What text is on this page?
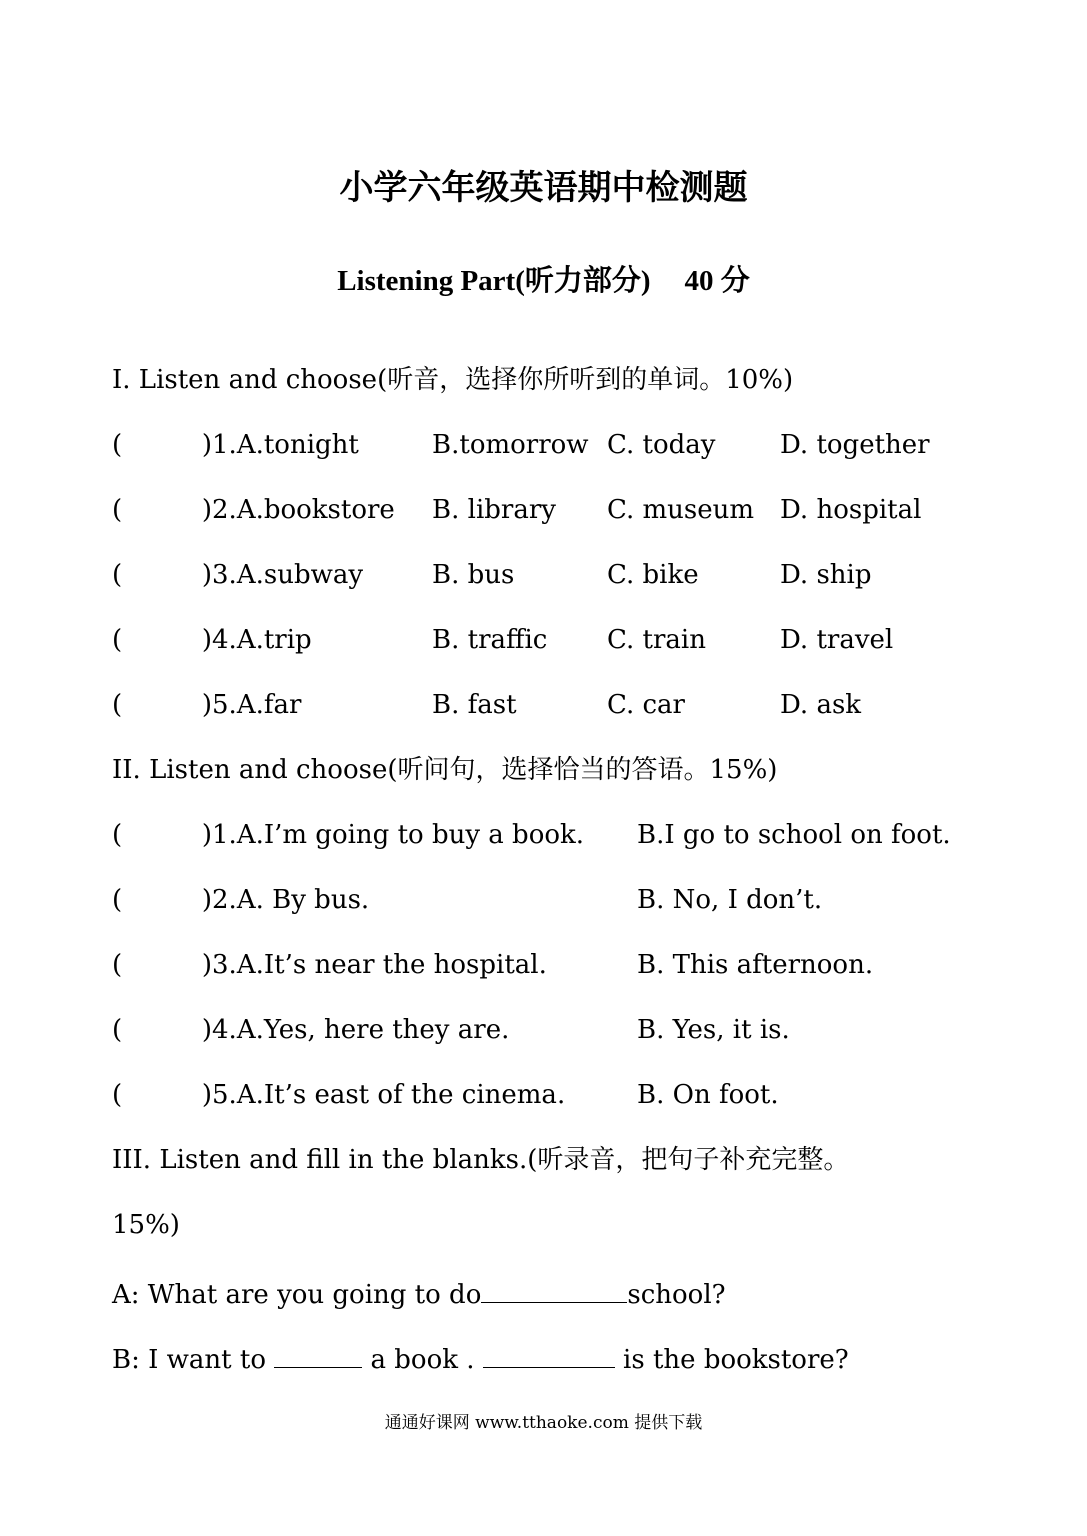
小学六年级英语期中检测题
Listening Part(听力部分) 40 分
I. Listen and choose(听音，选择你所听到的单词。10%)
(	) 1.A.tonight	B.tomorrow C. today D. together
(	) 2.A.bookstore B. library C. museum D. hospital
(	) 3.A.subway	B. bus	C. bike	D. ship
(	) 4.A.trip	B. traffic C. train	D. travel
(	) 5.A.far	B. fast	C. car	D. ask
II. Listen and choose(听问句，选择恰当的答语。15%)
(	) 1.A.I’m going to buy a book. B.I go to school on foot.
(	) 2.A. By bus.	B. No, I don’t.
(	) 3.A.It’s near the hospital.	B. This afternoon.
(	) 4.A.Yes, here they are.	B. Yes, it is.
(	) 5.A.It’s east of the cinema.	B. On foot.
III. Listen and fill in the blanks.(听录音，把句子补充完整。
15%)
A: What are you going to do	school?
B: I want to	a book .	is the bookstore?
通通好课网 www.tthaoke.com 提供下载
